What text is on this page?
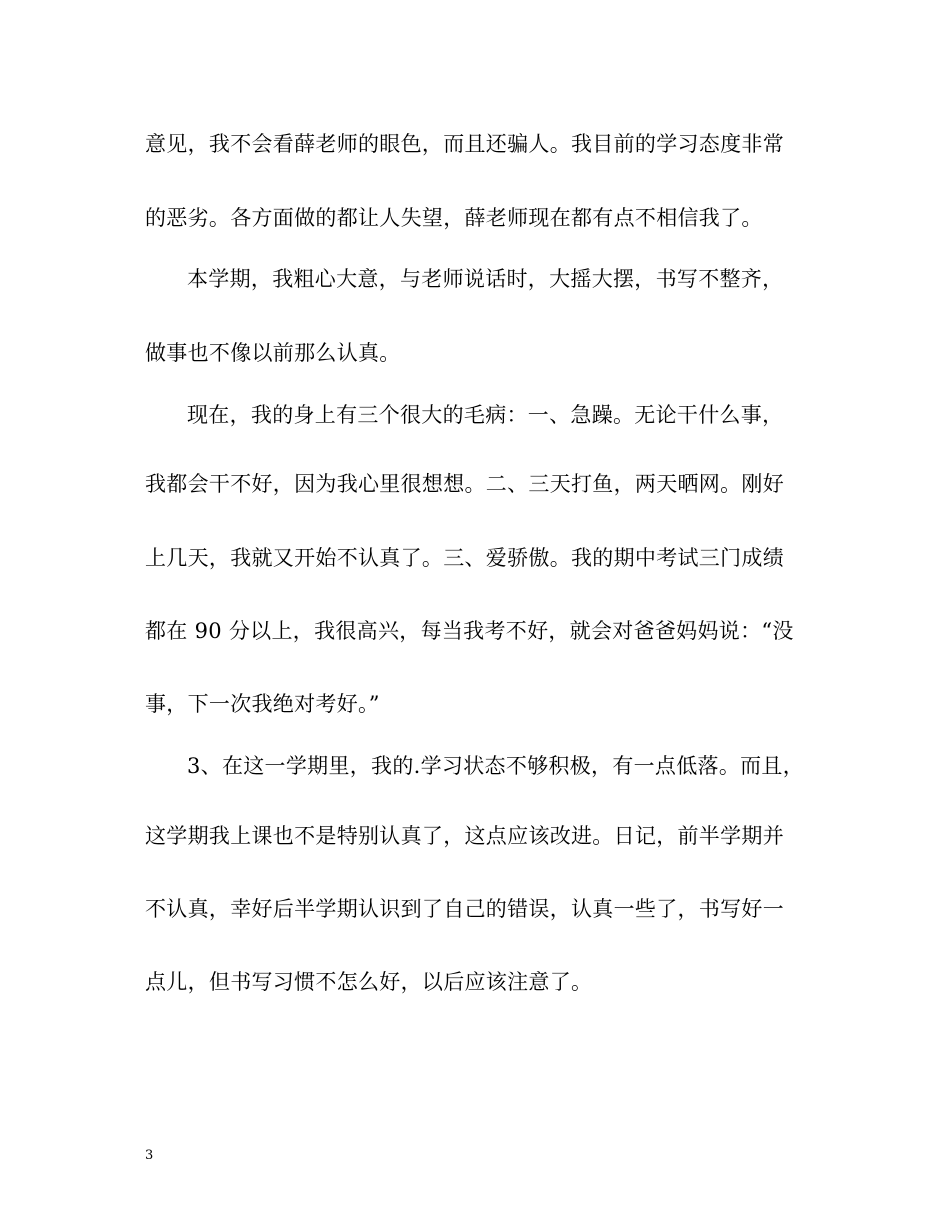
意见，我不会看薛老师的眼色，而且还骗人。我目前的学习态度非常
的恶劣。各方面做的都让人失望，薛老师现在都有点不相信我了。
本学期，我粗心大意，与老师说话时，大摇大摆，书写不整齐，
做事也不像以前那么认真。
现在，我的身上有三个很大的毛病：一、急躁。无论干什么事，
我都会干不好，因为我心里很想想。二、三天打鱼，两天晒网。刚好
上几天，我就又开始不认真了。三、爱骄傲。我的期中考试三门成绩
都在 90 分以上，我很高兴，每当我考不好，就会对爸爸妈妈说：“没
事，下一次我绝对考好。”
3、在这一学期里，我的.学习状态不够积极，有一点低落。而且，
这学期我上课也不是特别认真了，这点应该改进。日记，前半学期并
不认真，幸好后半学期认识到了自己的错误，认真一些了，书写好一
点儿，但书写习惯不怎么好，以后应该注意了。
3
